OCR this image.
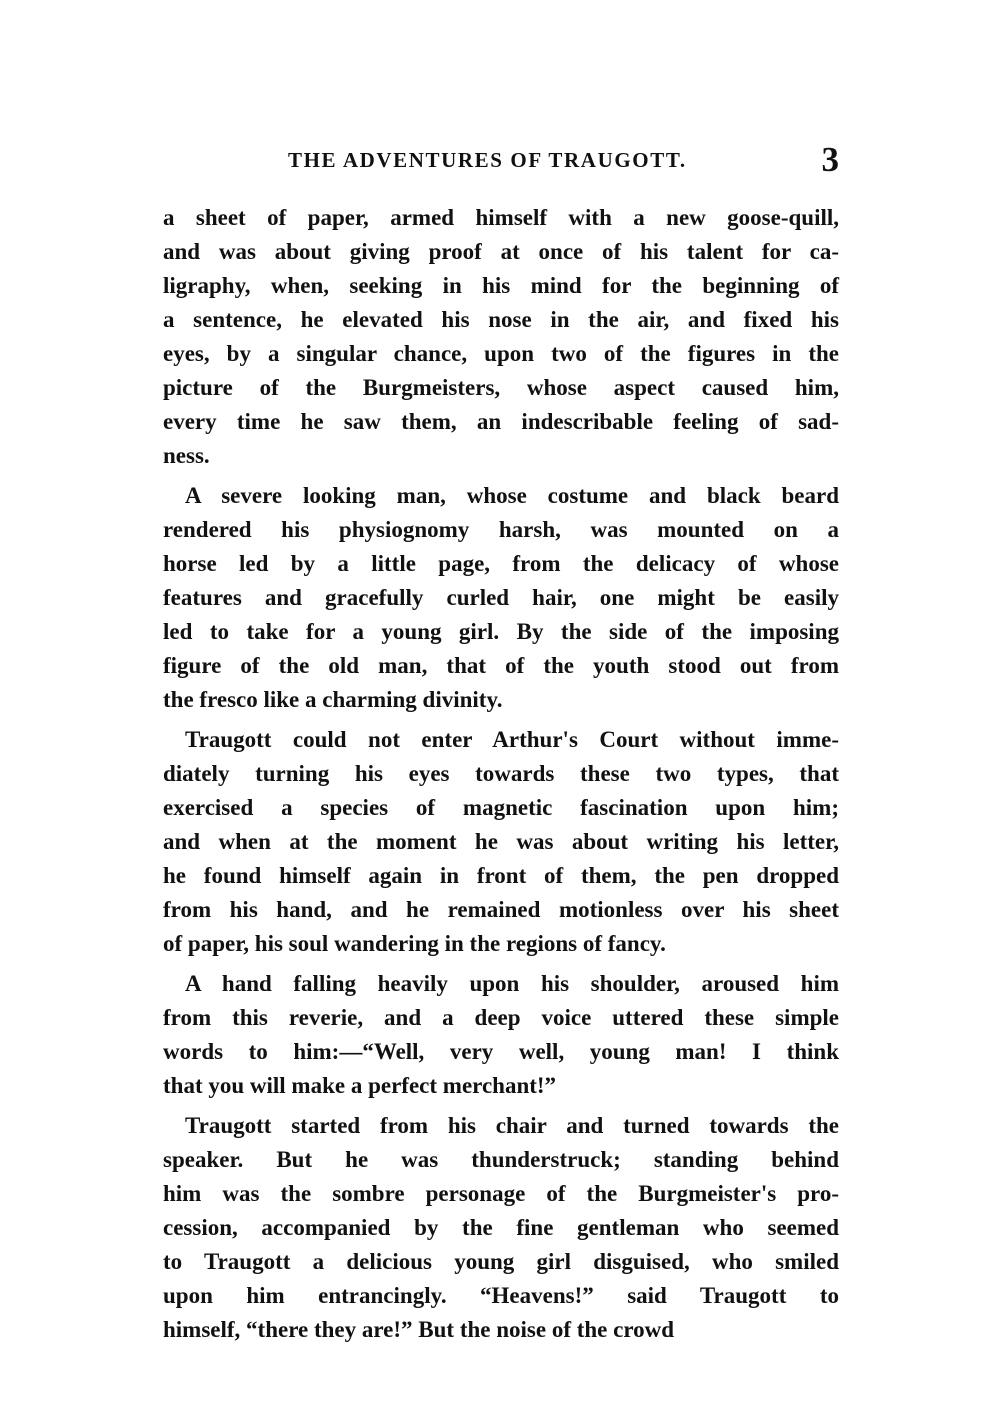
THE ADVENTURES OF TRAUGOTT.	3
a sheet of paper, armed himself with a new goose-quill,
and was about giving proof at once of his talent for ca-
ligraphy, when, seeking in his mind for the beginning of
a sentence, he elevated his nose in the air, and fixed his
eyes, by a singular chance, upon two of the figures in the
picture of the Burgmeisters, whose aspect caused him,
every time he saw them, an indescribable feeling of sad-
ness.
A severe looking man, whose costume and black beard
rendered his physiognomy harsh, was mounted on a
horse led by a little page, from the delicacy of whose
features and gracefully curled hair, one might be easily
led to take for a young girl. By the side of the imposing
figure of the old man, that of the youth stood out from
the fresco like a charming divinity.
Traugott could not enter Arthur's Court without imme-
diately turning his eyes towards these two types, that
exercised a species of magnetic fascination upon him;
and when at the moment he was about writing his letter,
he found himself again in front of them, the pen dropped
from his hand, and he remained motionless over his sheet
of paper, his soul wandering in the regions of fancy.
A hand falling heavily upon his shoulder, aroused him
from this reverie, and a deep voice uttered these simple
words to him:—“Well, very well, young man! I think
that you will make a perfect merchant!”
Traugott started from his chair and turned towards the
speaker. But he was thunderstruck; standing behind
him was the sombre personage of the Burgmeister's pro-
cession, accompanied by the fine gentleman who seemed
to Traugott a delicious young girl disguised, who smiled
upon him entrancingly. “Heavens!” said Traugott to
himself, “there they are!” But the noise of the crowd
